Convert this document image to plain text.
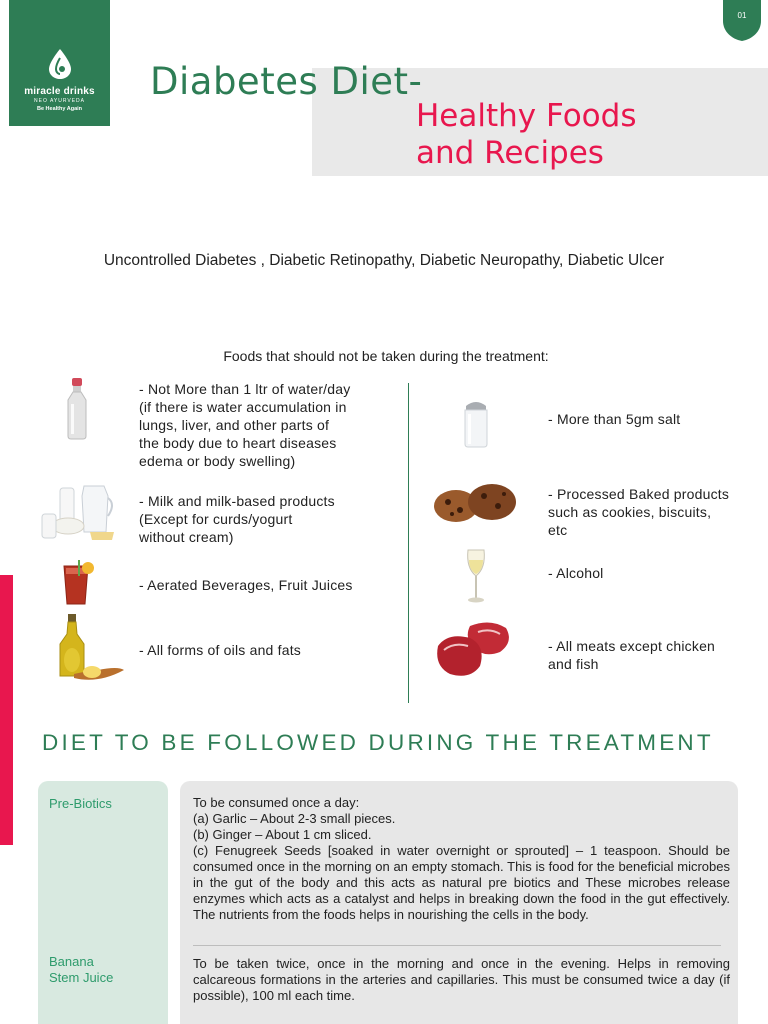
miracle drinks
NEO AYURVEDA
Be Healthy Again
01
Diabetes Diet-
Healthy Foods
and Recipes
Uncontrolled Diabetes , Diabetic Retinopathy, Diabetic Neuropathy, Diabetic Ulcer
Foods that should not be taken during the treatment:
- Not More than 1 ltr of water/day
(if there is water accumulation in
lungs, liver, and other parts of
the body due to heart diseases
edema or body swelling)
- Milk and milk-based products
(Except for curds/yogurt
without cream)
- Aerated Beverages, Fruit Juices
- All forms of oils and fats
- More than 5gm salt
- Processed Baked products
such as cookies, biscuits,
etc
- Alcohol
- All meats except chicken
and fish
DIET TO BE FOLLOWED DURING THE TREATMENT
Pre-Biotics	To be consumed once a day:
(a) Garlic – About 2-3 small pieces.
(b) Ginger – About 1 cm sliced.
(c) Fenugreek Seeds [soaked in water overnight or sprouted] – 1 teaspoon. Should be consumed once in the morning on an empty stomach. This is food for the beneficial microbes in the gut of the body and this acts as natural pre biotics and These microbes release enzymes which acts as a catalyst and helps in breaking down the food in the gut effectively. The nutrients from the foods helps in nourishing the cells in the body.
Banana
Stem Juice
To be taken twice, once in the morning and once in the evening. Helps in removing calcareous formations in the arteries and capillaries. This must be consumed twice a day (if possible), 100 ml each time.
